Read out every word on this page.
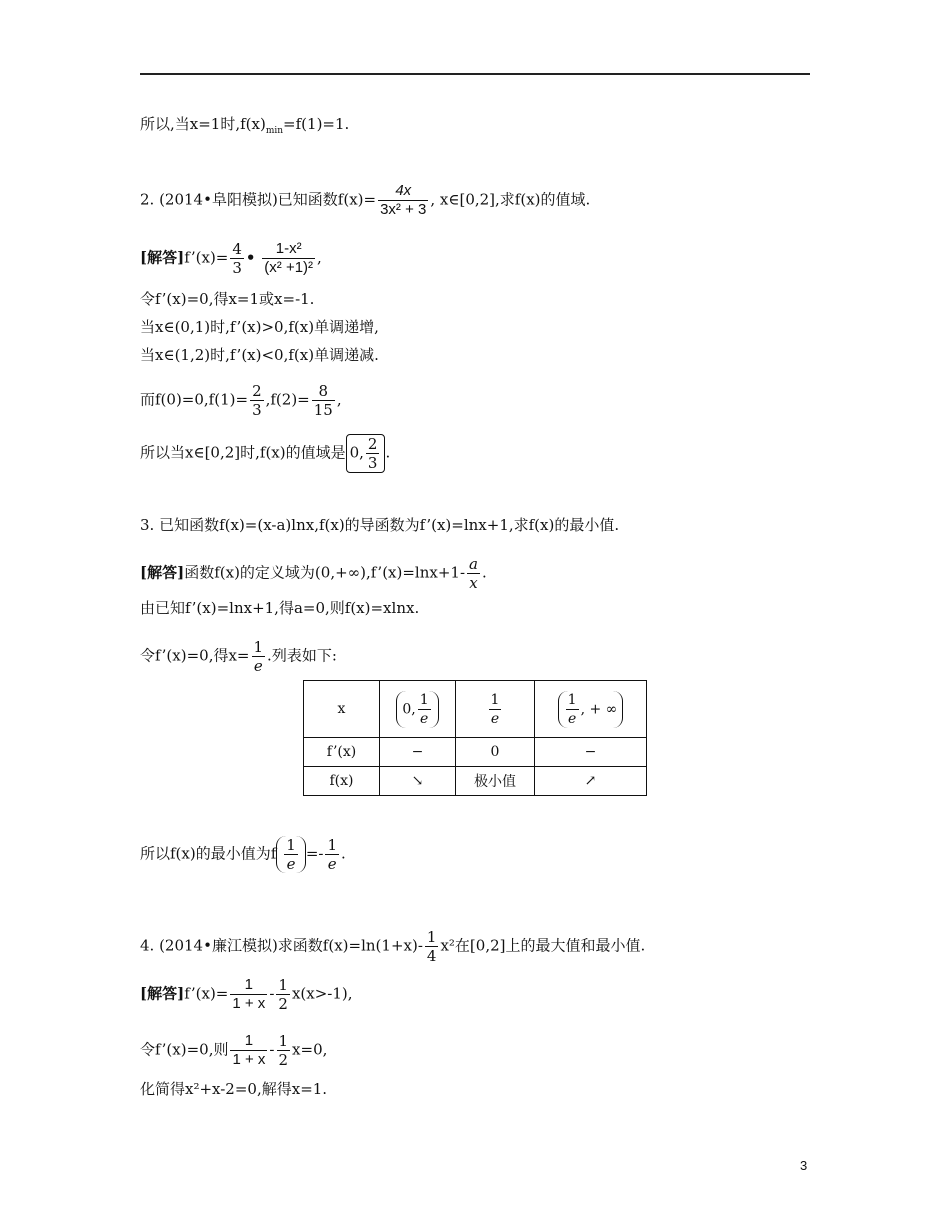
所以,当x=1时$,f(x)_{min}=f(1)=1$.
2. (2014•阜阳模拟)已知函数$f(x)= \frac{4x}{\text{3x² + 3}}$ , x∈[0,2],求f(x)的值域.
[解答]f’(x)= $\frac{4}{3}$ • $\frac{\text{1-x²}}{\text{(x² +1)²}}$ ,
令f’(x)=0,得x=1或x=-1.
当x∈(0,1)时,f’(x)>0,f(x)单调递增,
当x∈(1,2)时,f’(x)<0,f(x)单调递减.
而$f(0)=0,f(1)= \frac{2}{3} ,f(2)= \frac{8}{15}$ ,
所以当x∈[0,2]时,f(x)的值域是 0, $\frac{2}{3}$ .
3. 已知函数f(x)=(x-a)lnx,f(x)的导函数为f’(x)=lnx+1,求f(x)的最小值.
[解答]函数f(x)的定义域为(0,+∞),f’(x)=lnx+1- $\frac{a}{x}$ .
由已知f’(x)=lnx+1,得a=0,则f(x)=xlnx.
令f’(x)=0,得$x= \frac{1}{e}$ .列表如下:
x	0, $\frac{1}{e}$	$\frac{1}{e}$	$\frac{1}{e}$ , + ∞
f’(x)	−	0	−
f(x)	↘	极小值	↗
所以f(x)的最小值为f $\frac{1}{e} =- \frac{1}{e}$ .
4. (2014•廉江模拟)求函数$f(x)=\ln(1+x)- \frac{1}{4} x^2$在[0,2]上的最大值和最小值.
[解答]f’(x)= $\frac{1}{1 + x} - \frac{1}{2} x(x>-1)$,
令f’(x)=0,则 $\frac{1}{1 + x} - \frac{1}{2} x=0$,
化简得x²+x-2=0,解得x=1.
3
